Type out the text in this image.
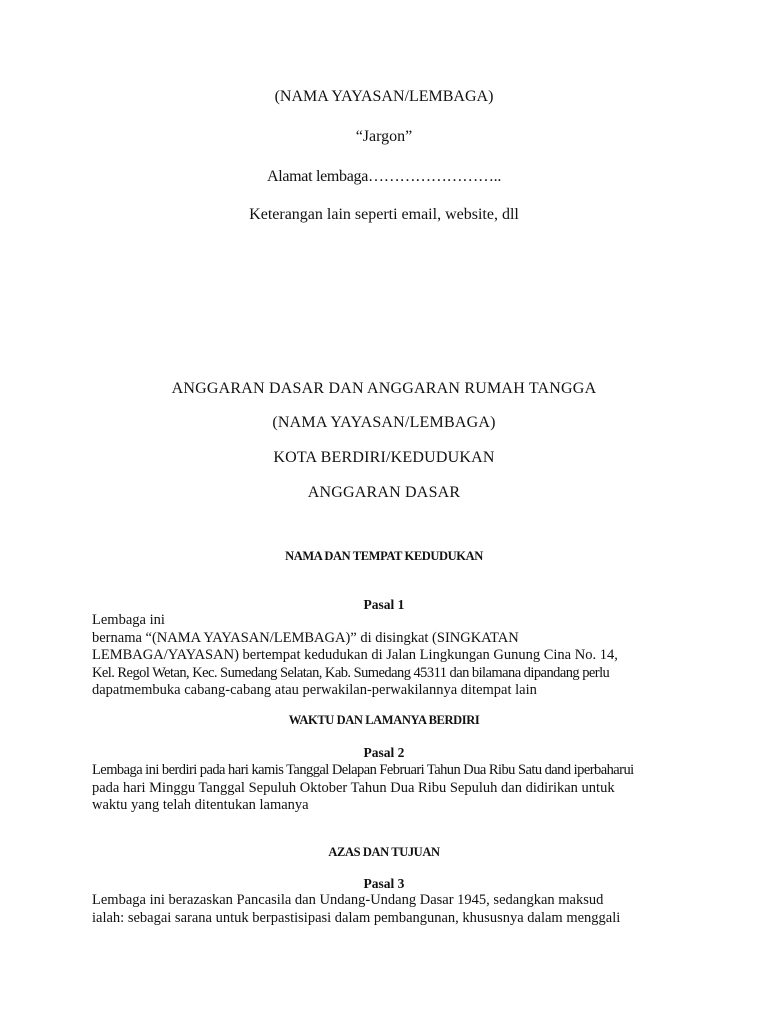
(NAMA YAYASAN/LEMBAGA)
“Jargon”
Alamat lembaga……………………..
Keterangan lain seperti email, website, dll
ANGGARAN DASAR DAN ANGGARAN RUMAH TANGGA
(NAMA YAYASAN/LEMBAGA)
KOTA BERDIRI/KEDUDUKAN
ANGGARAN DASAR
NAMA DAN TEMPAT KEDUDUKAN
Pasal 1
Lembaga ini
bernama “(NAMA YAYASAN/LEMBAGA)” di disingkat (SINGKATAN
LEMBAGA/YAYASAN) bertempat kedudukan di Jalan Lingkungan Gunung Cina No. 14,
Kel. Regol Wetan, Kec. Sumedang Selatan, Kab. Sumedang 45311 dan bilamana dipandang perlu
dapatmembuka cabang-cabang atau perwakilan-perwakilannya ditempat lain
WAKTU DAN LAMANYA BERDIRI
Pasal 2
Lembaga ini berdiri pada hari kamis Tanggal Delapan Februari Tahun Dua Ribu Satu dand iperbaharui
pada hari Minggu Tanggal Sepuluh Oktober Tahun Dua Ribu Sepuluh dan didirikan untuk
waktu yang telah ditentukan lamanya
AZAS DAN TUJUAN
Pasal 3
Lembaga ini berazaskan Pancasila dan Undang-Undang Dasar 1945, sedangkan maksud
ialah: sebagai sarana untuk berpastisipasi dalam pembangunan, khususnya dalam menggali
